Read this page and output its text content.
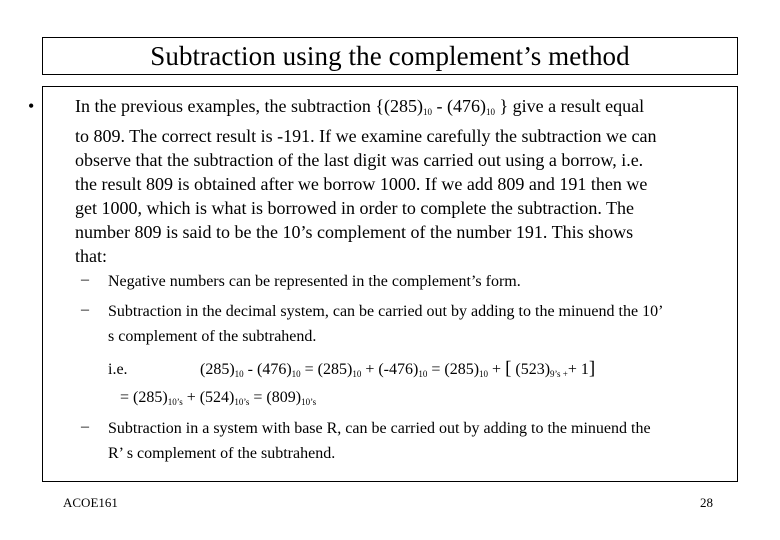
Subtraction using the complement’s method
• In the previous examples, the subtraction {$(285)_{10} - (476)_{10}$ } give a result equal
to 809. The correct result is -191. If we examine carefully the subtraction we can
observe that the subtraction of the last digit was carried out using a borrow, i.e.
the result 809 is obtained after we borrow 1000. If we add 809 and 191 then we
get 1000, which is what is borrowed in order to complete the subtraction. The
number 809 is said to be the 10’s complement of the number 191. This shows
that:
– Negative numbers can be represented in the complement’s form.
– Subtraction in the decimal system, can be carried out by adding to the minuend the 10’
s complement of the subtrahend.
i.e.	$(285)_{10} - (476)_{10} = (285)_{10} + (-476)_{10} = (285)_{10}$ + [ $(523)_{9’s +}+ 1$]
= $(285)_{10’s} + (524)_{10’s} = (809)_{10’s}$
– Subtraction in a system with base R, can be carried out by adding to the minuend the
R’ s complement of the subtrahend.
ACOE161	28
